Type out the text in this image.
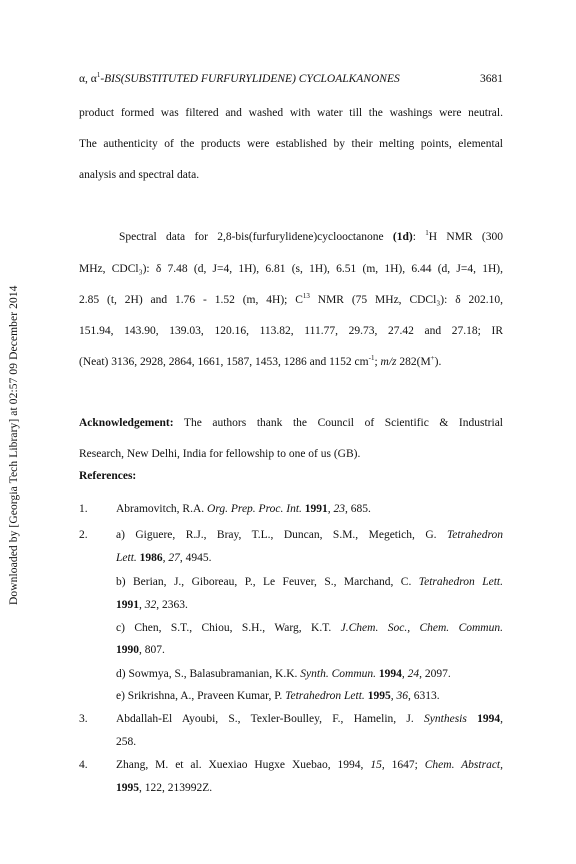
Downloaded by [Georgia Tech Library] at 02:57 09 December 2014
α, $\alpha^1-BIS(SUBSTITUTED$ FURFURYLIDENE) CYCLOALKANONES	3681
product formed was filtered and washed with water till the washings were neutral.
The authenticity of the products were established by their melting points, elemental
analysis and spectral data.
Spectral data for 2,8-bis(furfurylidene)cyclooctanone (1d): $^1$H NMR (300
MHz, CDCl₃): δ 7.48 (d, J=4, 1H), 6.81 (s, 1H), 6.51 (m, 1H), 6.44 (d, J=4, 1H),
2.85 (t, 2H) and 1.76 - 1.52 (m, 4H); $C^{13}$ NMR (75 MHz, CDCl₃): δ 202.10,
151.94, 143.90, 139.03, 120.16, 113.82, 111.77, 29.73, 27.42 and 27.18; IR
(Neat) 3136, 2928, 2864, 1661, 1587, 1453, 1286 and 1152 $cm^{-1}$; m/z 282(M+).
Acknowledgement: The authors thank the Council of Scientific & Industrial
Research, New Delhi, India for fellowship to one of us (GB).
References:
1. Abramovitch, R.A. Org. Prep. Proc. Int. 1991, 23, 685.
2. a) Giguere, R.J., Bray, T.L., Duncan, S.M., Megetich, G. Tetrahedron
Lett. 1986, 27, 4945.
b) Berian, J., Giboreau, P., Le Feuver, S., Marchand, C. Tetrahedron Lett.
1991, 32, 2363.
c) Chen, S.T., Chiou, S.H., Warg, K.T. J.Chem. Soc., Chem. Commun.
1990, 807.
d) Sowmya, S., Balasubramanian, K.K. Synth. Commun. 1994, 24, 2097.
e) Srikrishna, A., Praveen Kumar, P. Tetrahedron Lett. 1995, 36, 6313.
3. Abdallah-El Ayoubi, S., Texler-Boulley, F., Hamelin, J. Synthesis 1994,
258.
4. Zhang, M. et al. Xuexiao Hugxe Xuebao, 1994, 15, 1647; Chem. Abstract,
1995, 122, 213992Z.
